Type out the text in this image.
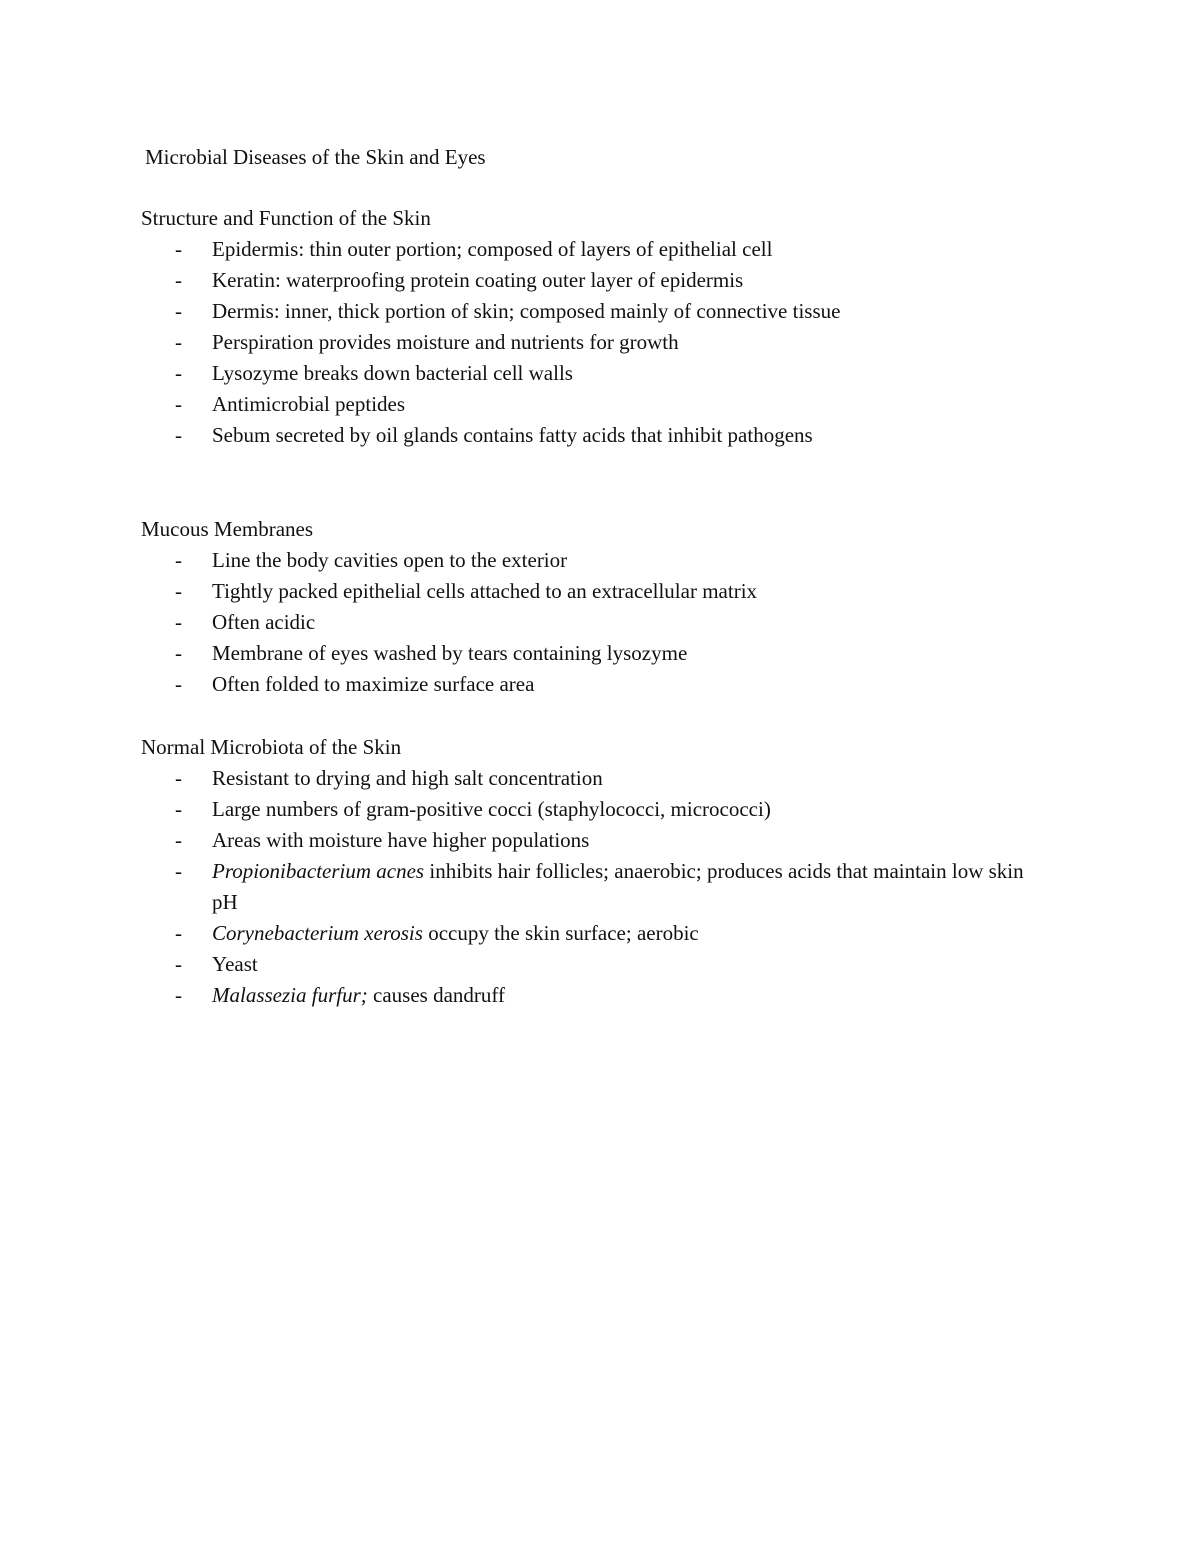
Microbial Diseases of the Skin and Eyes
Structure and Function of the Skin
- Epidermis: thin outer portion; composed of layers of epithelial cell
- Keratin: waterproofing protein coating outer layer of epidermis
- Dermis: inner, thick portion of skin; composed mainly of connective tissue
- Perspiration provides moisture and nutrients for growth
- Lysozyme breaks down bacterial cell walls
- Antimicrobial peptides
- Sebum secreted by oil glands contains fatty acids that inhibit pathogens
Mucous Membranes
- Line the body cavities open to the exterior
- Tightly packed epithelial cells attached to an extracellular matrix
- Often acidic
- Membrane of eyes washed by tears containing lysozyme
- Often folded to maximize surface area
Normal Microbiota of the Skin
- Resistant to drying and high salt concentration
- Large numbers of gram-positive cocci (staphylococci, micrococci)
- Areas with moisture have higher populations
- Propionibacterium acnes inhibits hair follicles; anaerobic; produces acids that maintain low skin pH
- Corynebacterium xerosis occupy the skin surface; aerobic
- Yeast
- Malassezia furfur; causes dandruff
